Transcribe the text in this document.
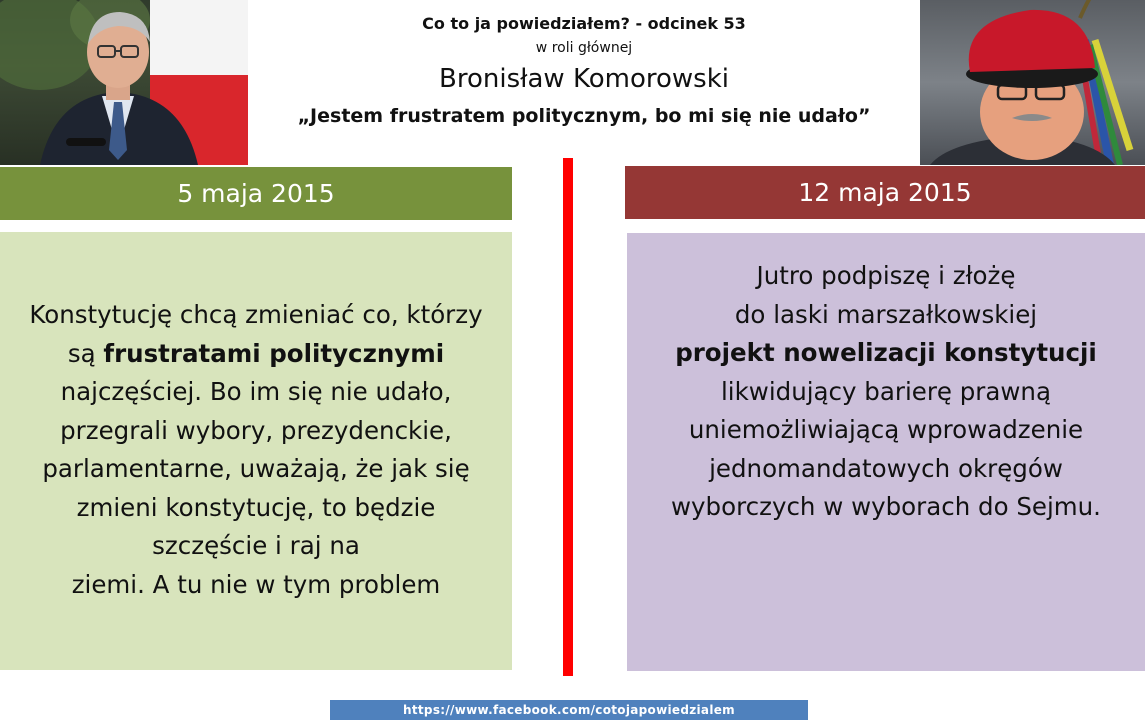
Co to ja powiedziałem? - odcinek 53

w roli głównej

Bronisław Komorowski

„Jestem frustratem politycznym, bo mi się nie udało”

5 maja 2015	12 maja 2015
Konstytucję chcą zmieniać co, którzy
są frustratami politycznymi
najczęściej. Bo im się nie udało,
przegrali wybory, prezydenckie,
parlamentarne, uważają, że jak się
zmieni konstytucję, to będzie
szczęście i raj na
ziemi. A tu nie w tym problem
Jutro podpiszę i złożę
do laski marszałkowskiej
projekt nowelizacji konstytucji
likwidujący barierę prawną
uniemożliwiającą wprowadzenie
jednomandatowych okręgów
wyborczych w wyborach do Sejmu.
https://www.facebook.com/cotojapowiedzialem
